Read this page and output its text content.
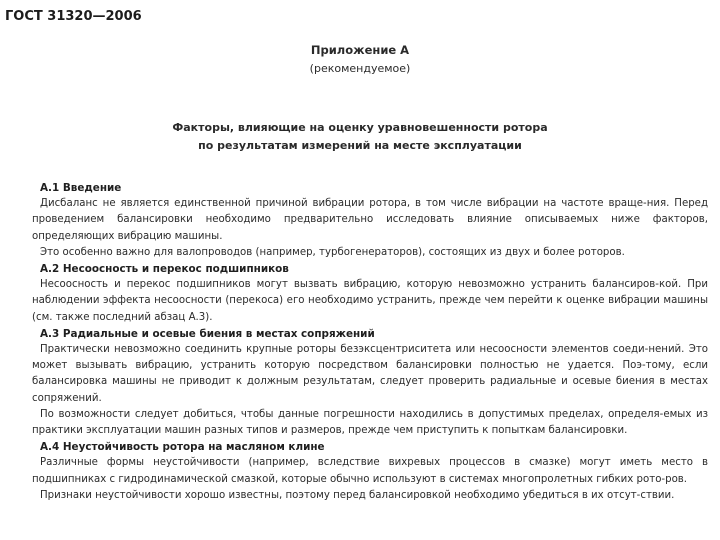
ГОСТ 31320—2006
Приложение А
(рекомендуемое)
Факторы, влияющие на оценку уравновешенности ротора
по результатам измерений на месте эксплуатации
А.1 Введение

Дисбаланс не является единственной причиной вибрации ротора, в том числе вибрации на частоте враще-ния. Перед проведением балансировки необходимо предварительно исследовать влияние описываемых ниже факторов, определяющих вибрацию машины.

Это особенно важно для валопроводов (например, турбогенераторов), состоящих из двух и более роторов.

А.2 Несоосность и перекос подшипников

Несоосность и перекос подшипников могут вызвать вибрацию, которую невозможно устранить балансиров-кой. При наблюдении эффекта несоосности (перекоса) его необходимо устранить, прежде чем перейти к оценке вибрации машины (см. также последний абзац А.3).

А.3 Радиальные и осевые биения в местах сопряжений

Практически невозможно соединить крупные роторы безэксцентриситета или несоосности элементов соеди-нений. Это может вызывать вибрацию, устранить которую посредством балансировки полностью не удается. Поэ-тому, если балансировка машины не приводит к должным результатам, следует проверить радиальные и осевые биения в местах сопряжений.

По возможности следует добиться, чтобы данные погрешности находились в допустимых пределах, определя-емых из практики эксплуатации машин разных типов и размеров, прежде чем приступить к попыткам балансировки.

А.4 Неустойчивость ротора на масляном клине

Различные формы неустойчивости (например, вследствие вихревых процессов в смазке) могут иметь место в подшипниках с гидродинамической смазкой, которые обычно используют в системах многопролетных гибких рото-ров.

Признаки неустойчивости хорошо известны, поэтому перед балансировкой необходимо убедиться в их отсут-ствии.
